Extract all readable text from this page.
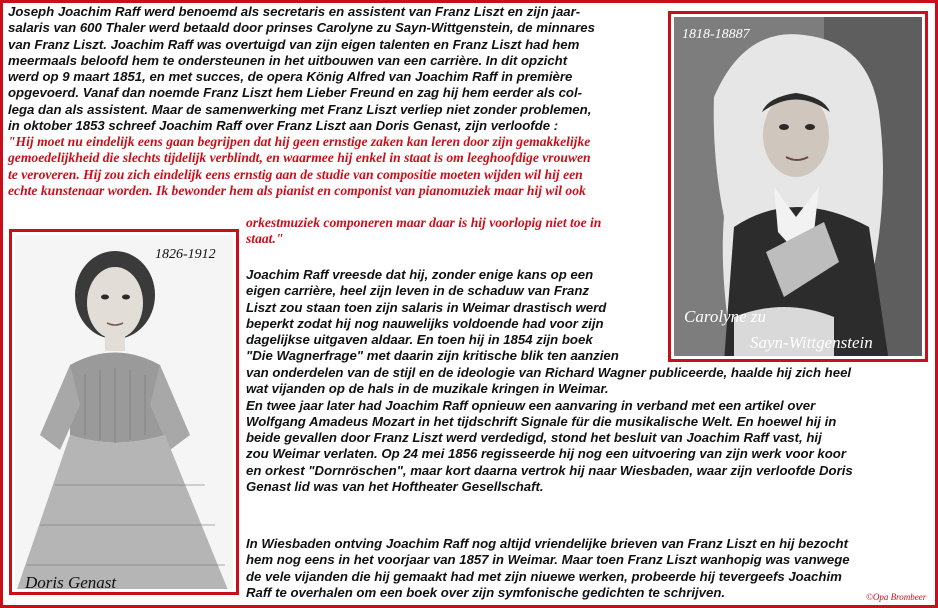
Joseph Joachim Raff werd benoemd als secretaris en assistent van Franz Liszt en zijn jaar-
salaris van 600 Thaler werd betaald door prinses Carolyne zu Sayn-Wittgenstein, de minnares
van Franz Liszt. Joachim Raff was overtuigd van zijn eigen talenten en Franz Liszt had hem
meermaals beloofd hem te ondersteunen in het uitbouwen van een carrière. In dit opzicht
werd op 9 maart 1851, en met succes, de opera König Alfred van Joachim Raff in première
opgevoerd. Vanaf dan noemde Franz Liszt hem Lieber Freund en zag hij hem eerder als col-
lega dan als assistent. Maar de samenwerking met Franz Liszt verliep niet zonder problemen,
in oktober 1853 schreef Joachim Raff over Franz Liszt aan Doris Genast, zijn verloofde :
"Hij moet nu eindelijk eens gaan begrijpen dat hij geen ernstige zaken kan leren door zijn gemakkelijke
gemoedelijkheid die slechts tijdelijk verblindt, en waarmee hij enkel in staat is om leeghoofdige vrouwen
te veroveren. Hij zou zich eindelijk eens ernstig aan de studie van compositie moeten wijden wil hij een
echte kunstenaar worden. Ik bewonder hem als pianist en componist van pianomuziek maar hij wil ook
orkestmuziek componeren maar daar is hij voorlopig niet toe in
staat."
Joachim Raff vreesde dat hij, zonder enige kans op een
eigen carrière, heel zijn leven in de schaduw van Franz
Liszt zou staan toen zijn salaris in Weimar drastisch werd
beperkt zodat hij nog nauwelijks voldoende had voor zijn
dagelijkse uitgaven aldaar. En toen hij in 1854 zijn boek
"Die Wagnerfrage" met daarin zijn kritische blik ten aanzien
van onderdelen van de stijl en de ideologie van Richard Wagner publiceerde, haalde hij zich heel
wat vijanden op de hals in de muzikale kringen in Weimar.
En twee jaar later had Joachim Raff opnieuw een aanvaring in verband met een artikel over
Wolfgang Amadeus Mozart in het tijdschrift Signale für die musikalische Welt. En hoewel hij in
beide gevallen door Franz Liszt werd verdedigd, stond het besluit van Joachim Raff vast, hij
zou Weimar verlaten. Op 24 mei 1856 regisseerde hij nog een uitvoering van zijn werk voor koor
en orkest "Dornröschen", maar kort daarna vertrok hij naar Wiesbaden, waar zijn verloofde Doris
Genast lid was van het Hoftheater Gesellschaft.
In Wiesbaden ontving Joachim Raff nog altijd vriendelijke brieven van Franz Liszt en hij bezocht
hem nog eens in het voorjaar van 1857 in Weimar. Maar toen Franz Liszt wanhopig was vanwege
de vele vijanden die hij gemaakt had met zijn niuewe werken, probeerde hij tevergeefs Joachim
Raff te overhalen om een boek over zijn symfonische gedichten te schrijven.
1818-18887
Carolyne zu
Sayn-Wittgenstein
1826-1912
Doris Genast
©Opa Brombeer
